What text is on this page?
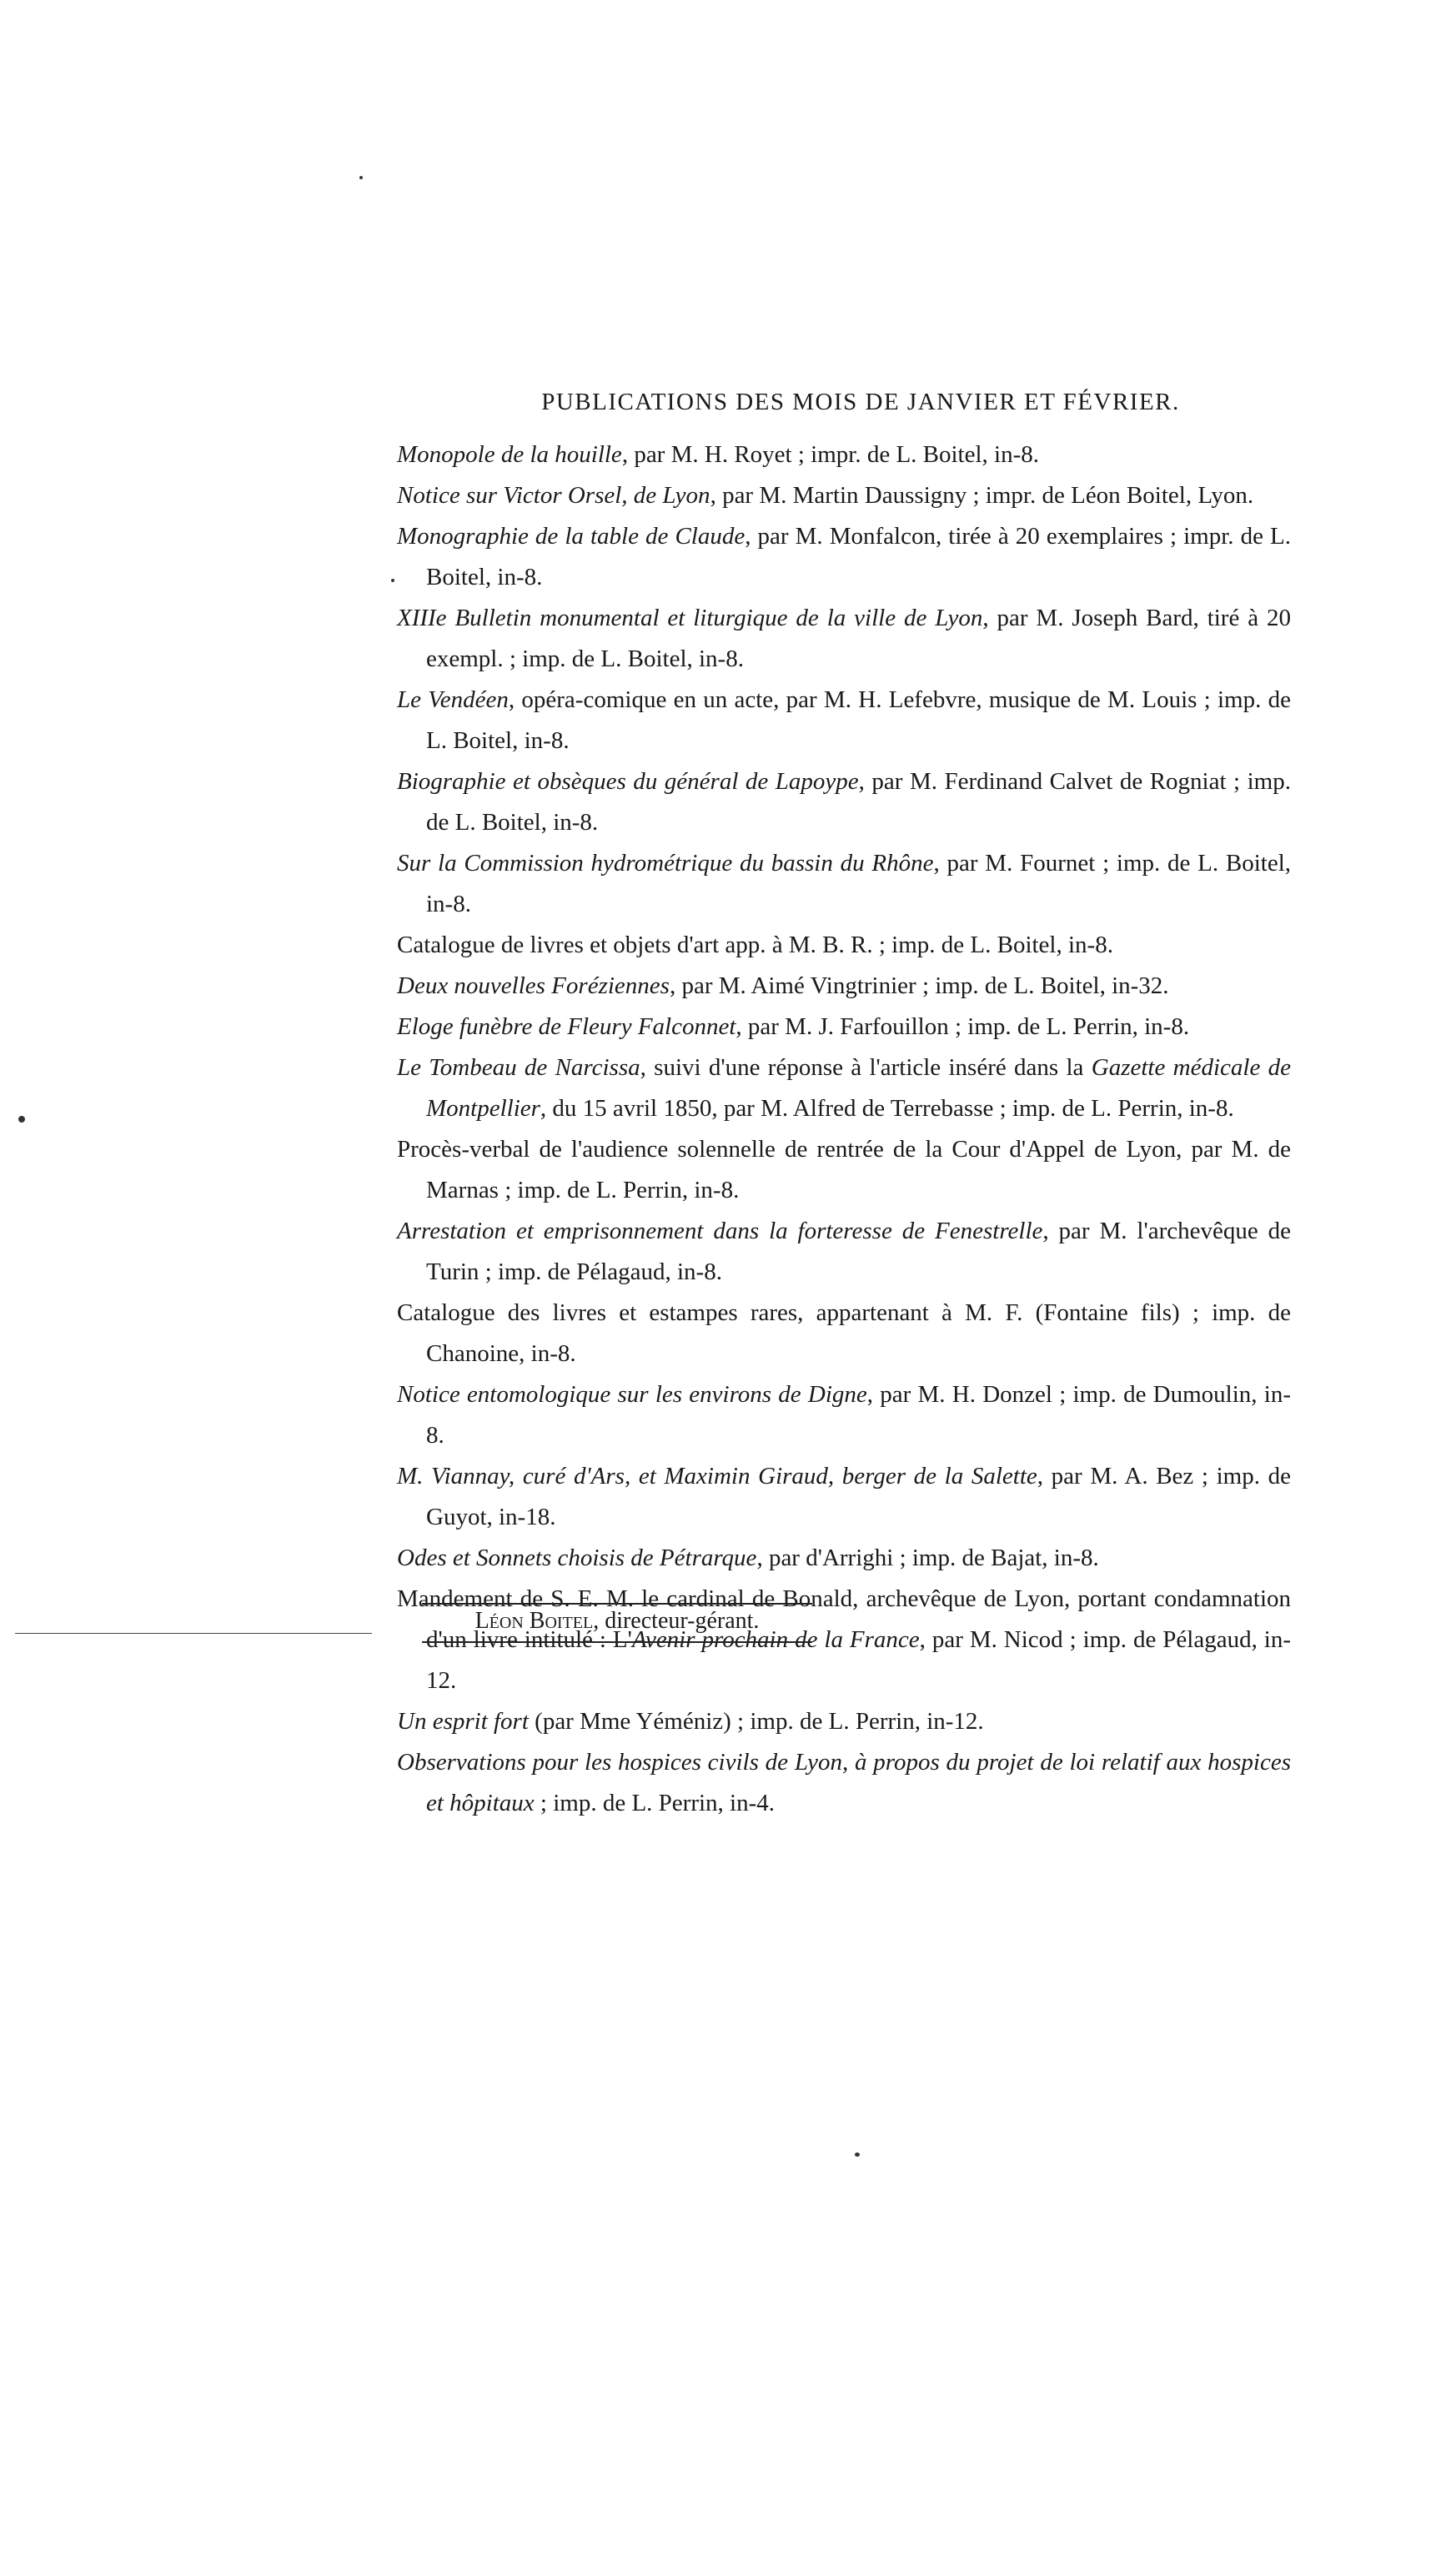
PUBLICATIONS DES MOIS DE JANVIER ET FÉVRIER.
Monopole de la houille, par M. H. Royet ; impr. de L. Boitel, in-8.
Notice sur Victor Orsel, de Lyon, par M. Martin Daussigny ; impr. de Léon Boitel, Lyon.
Monographie de la table de Claude, par M. Monfalcon, tirée à 20 exemplaires ; impr. de L. Boitel, in-8.
XIIIe Bulletin monumental et liturgique de la ville de Lyon, par M. Joseph Bard, tiré à 20 exempl. ; imp. de L. Boitel, in-8.
Le Vendéen, opéra-comique en un acte, par M. H. Lefebvre, musique de M. Louis ; imp. de L. Boitel, in-8.
Biographie et obsèques du général de Lapoype, par M. Ferdinand Calvet de Rogniat ; imp. de L. Boitel, in-8.
Sur la Commission hydrométrique du bassin du Rhône, par M. Fournet ; imp. de L. Boitel, in-8.
Catalogue de livres et objets d'art app. à M. B. R. ; imp. de L. Boitel, in-8.
Deux nouvelles Foréziennes, par M. Aimé Vingtrinier ; imp. de L. Boitel, in-32.
Eloge funèbre de Fleury Falconnet, par M. J. Farfouillon ; imp. de L. Perrin, in-8.
Le Tombeau de Narcissa, suivi d'une réponse à l'article inséré dans la Gazette médicale de Montpellier, du 15 avril 1850, par M. Alfred de Terrebasse ; imp. de L. Perrin, in-8.
Procès-verbal de l'audience solennelle de rentrée de la Cour d'Appel de Lyon, par M. de Marnas ; imp. de L. Perrin, in-8.
Arrestation et emprisonnement dans la forteresse de Fenestrelle, par M. l'archevêque de Turin ; imp. de Pélagaud, in-8.
Catalogue des livres et estampes rares, appartenant à M. F. (Fontaine fils) ; imp. de Chanoine, in-8.
Notice entomologique sur les environs de Digne, par M. H. Donzel ; imp. de Dumoulin, in-8.
M. Viannay, curé d'Ars, et Maximin Giraud, berger de la Salette, par M. A. Bez ; imp. de Guyot, in-18.
Odes et Sonnets choisis de Pétrarque, par d'Arrighi ; imp. de Bajat, in-8.
Mandement de S. E. M. le cardinal de Bonald, archevêque de Lyon, portant condamnation d'un livre intitulé : L'Avenir prochain de la France, par M. Nicod ; imp. de Pélagaud, in-12.
Un esprit fort (par Mme Yéméniz) ; imp. de L. Perrin, in-12.
Observations pour les hospices civils de Lyon, à propos du projet de loi relatif aux hospices et hôpitaux ; imp. de L. Perrin, in-4.
Léon Boitel, directeur-gérant.
